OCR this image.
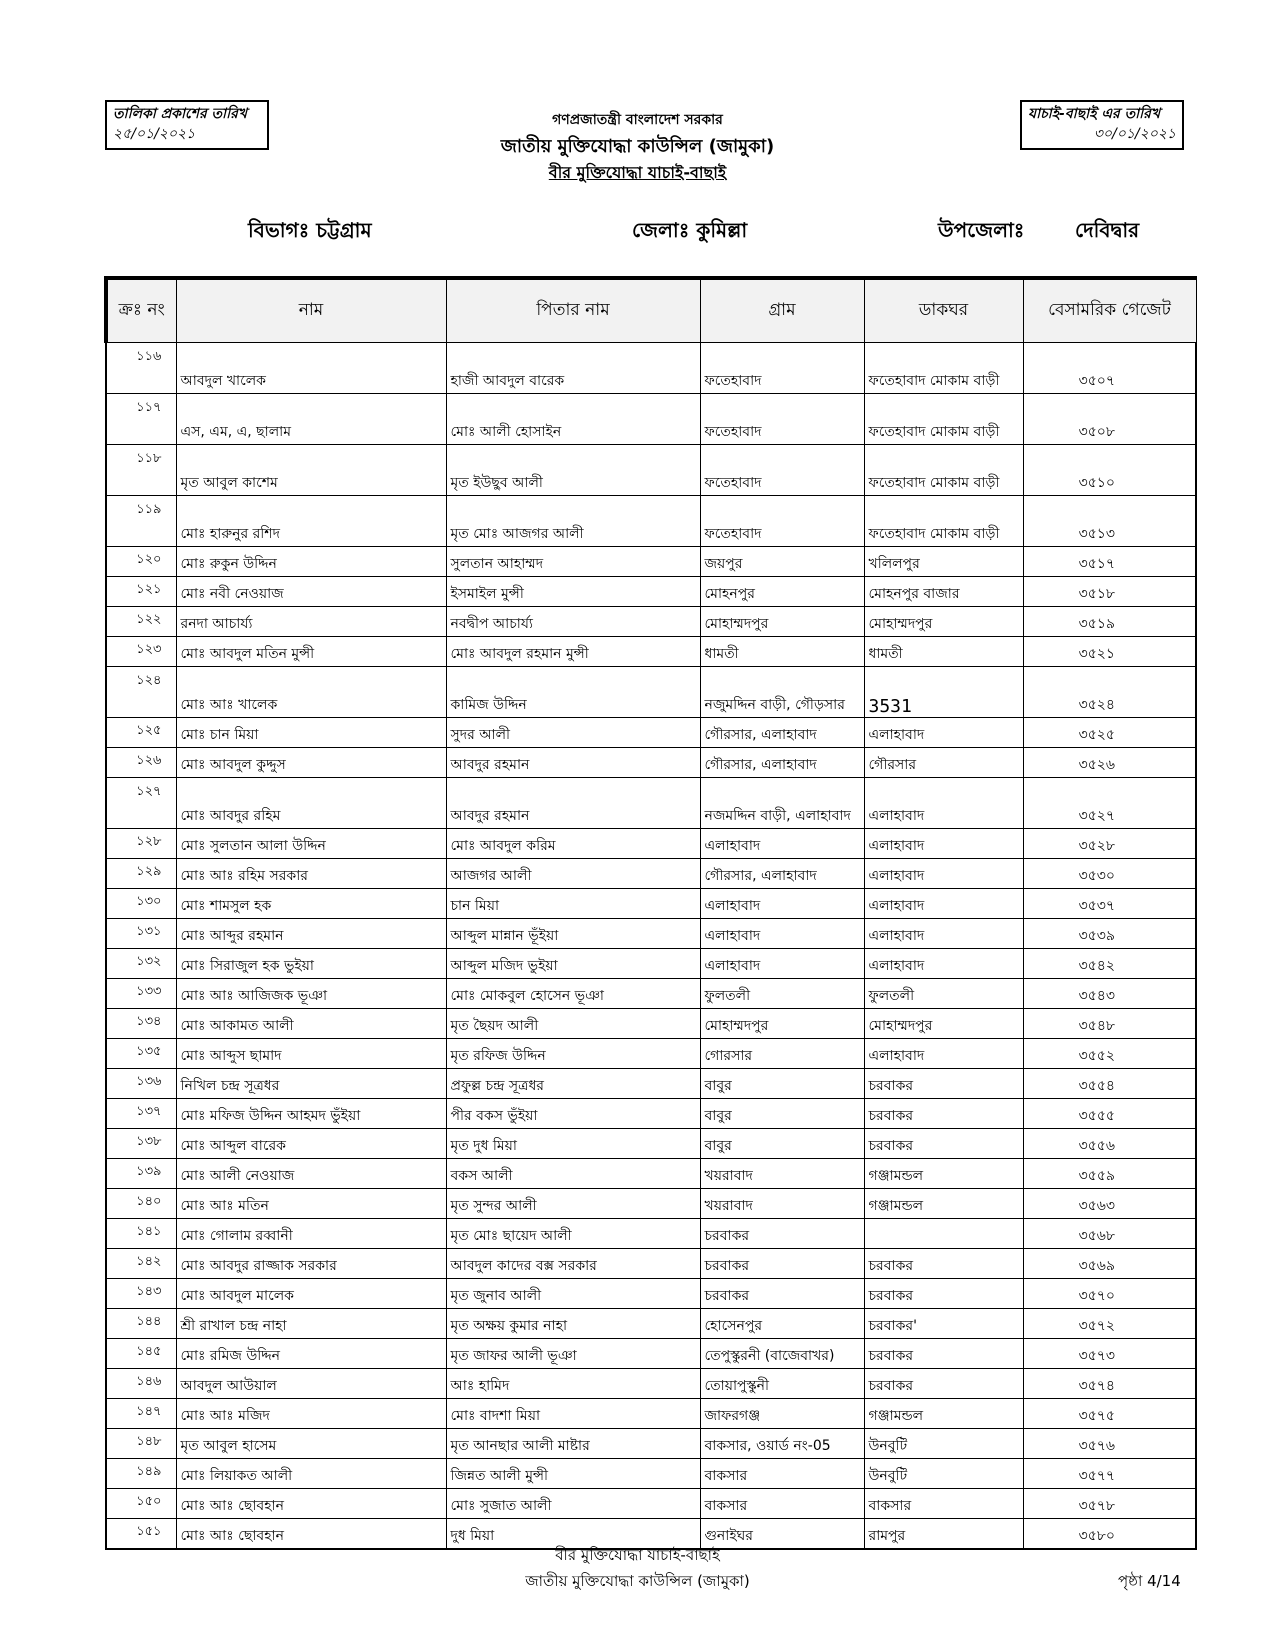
তালিকা প্রকাশের তারিখ
২৫/০১/২০২১
যাচাই-বাছাই এর তারিখ
৩০/০১/২০২১
গণপ্রজাতন্ত্রী বাংলাদেশ সরকার
জাতীয় মুক্তিযোদ্ধা কাউন্সিল (জামুকা)
বীর মুক্তিযোদ্ধা যাচাই-বাছাই
বিভাগঃ চট্টগ্রাম	জেলাঃ কুমিল্লা	উপজেলাঃ	দেবিদ্বার
ক্রঃ নং	নাম	পিতার নাম	গ্রাম	ডাকঘর	বেসামরিক গেজেট
১১৬	আবদুল খালেক	হাজী আবদুল বারেক	ফতেহাবাদ	ফতেহাবাদ মোকাম বাড়ী	৩৫০৭
১১৭	এস, এম, এ, ছালাম	মোঃ আলী হোসাইন	ফতেহাবাদ	ফতেহাবাদ মোকাম বাড়ী	৩৫০৮
১১৮	মৃত আবুল কাশেম	মৃত ইউছুব আলী	ফতেহাবাদ	ফতেহাবাদ মোকাম বাড়ী	৩৫১০
১১৯	মোঃ হারুনুর রশিদ	মৃত মোঃ আজগর আলী	ফতেহাবাদ	ফতেহাবাদ মোকাম বাড়ী	৩৫১৩
১২০	মোঃ রুকুন উদ্দিন	সুলতান আহাম্মদ	জয়পুর	খলিলপুর	৩৫১৭
১২১	মোঃ নবী নেওয়াজ	ইসমাইল মুন্সী	মোহনপুর	মোহনপুর বাজার	৩৫১৮
১২২	রনদা আচার্য্য	নবদ্বীপ আচার্য্য	মোহাম্মদপুর	মোহাম্মদপুর	৩৫১৯
১২৩	মোঃ আবদুল মতিন মুন্সী	মোঃ আবদুল রহমান মুন্সী	ধামতী	ধামতী	৩৫২১
১২৪	মোঃ আঃ খালেক	কামিজ উদ্দিন	নজুমদ্দিন বাড়ী, গৌড়সার	3531	৩৫২৪
১২৫	মোঃ চান মিয়া	সুদর আলী	গৌরসার, এলাহাবাদ	এলাহাবাদ	৩৫২৫
১২৬	মোঃ আবদুল কুদ্দুস	আবদুর রহমান	গৌরসার, এলাহাবাদ	গৌরসার	৩৫২৬
১২৭	মোঃ আবদুর রহিম	আবদুর রহমান	নজমদ্দিন বাড়ী, এলাহাবাদ	এলাহাবাদ	৩৫২৭
১২৮	মোঃ সুলতান আলা উদ্দিন	মোঃ আবদুল করিম	এলাহাবাদ	এলাহাবাদ	৩৫২৮
১২৯	মোঃ আঃ রহিম সরকার	আজগর আলী	গৌরসার, এলাহাবাদ	এলাহাবাদ	৩৫৩০
১৩০	মোঃ শামসুল হক	চান মিয়া	এলাহাবাদ	এলাহাবাদ	৩৫৩৭
১৩১	মোঃ আব্দুর রহমান	আব্দুল মান্নান ভূঁইয়া	এলাহাবাদ	এলাহাবাদ	৩৫৩৯
১৩২	মোঃ সিরাজুল হক ভুইয়া	আব্দুল মজিদ ভুইয়া	এলাহাবাদ	এলাহাবাদ	৩৫৪২
১৩৩	মোঃ আঃ আজিজক ভূঞা	মোঃ মোকবুল হোসেন ভূঞা	ফুলতলী	ফুলতলী	৩৫৪৩
১৩৪	মোঃ আকামত আলী	মৃত ছৈয়দ আলী	মোহাম্মদপুর	মোহাম্মদপুর	৩৫৪৮
১৩৫	মোঃ আব্দুস ছামাদ	মৃত রফিজ উদ্দিন	গোরসার	এলাহাবাদ	৩৫৫২
১৩৬	নিখিল চন্দ্র সূত্রধর	প্রফুল্ল চন্দ্র সূত্রধর	বাবুর	চরবাকর	৩৫৫৪
১৩৭	মোঃ মফিজ উদ্দিন আহমদ ভুঁইয়া	পীর বকস ভুঁইয়া	বাবুর	চরবাকর	৩৫৫৫
১৩৮	মোঃ আব্দুল বারেক	মৃত দুধ মিয়া	বাবুর	চরবাকর	৩৫৫৬
১৩৯	মোঃ আলী নেওয়াজ	বকস আলী	খয়রাবাদ	গঞ্জামন্ডল	৩৫৫৯
১৪০	মোঃ আঃ মতিন	মৃত সুন্দর আলী	খয়রাবাদ	গঞ্জামন্ডল	৩৫৬৩
১৪১	মোঃ গোলাম রব্বানী	মৃত মোঃ ছায়েদ আলী	চরবাকর		৩৫৬৮
১৪২	মোঃ আবদুর রাজ্জাক সরকার	আবদুল কাদের বক্স সরকার	চরবাকর	চরবাকর	৩৫৬৯
১৪৩	মোঃ আবদুল মালেক	মৃত জুনাব আলী	চরবাকর	চরবাকর	৩৫৭০
১৪৪	শ্রী রাখাল চন্দ্র নাহা	মৃত অক্ষয় কুমার নাহা	হোসেনপুর	চরবাকর'	৩৫৭২
১৪৫	মোঃ রমিজ উদ্দিন	মৃত জাফর আলী ভূঞা	তেপুস্কুরনী (বাজেবাখর)	চরবাকর	৩৫৭৩
১৪৬	আবদুল আউয়াল	আঃ হামিদ	তোয়াপুস্কুনী	চরবাকর	৩৫৭৪
১৪৭	মোঃ আঃ মজিদ	মোঃ বাদশা মিয়া	জাফরগঞ্জ	গঞ্জামন্ডল	৩৫৭৫
১৪৮	মৃত আবুল হাসেম	মৃত আনছার আলী মাষ্টার	বাকসার, ওয়ার্ড নং-05	উনবুটি	৩৫৭৬
১৪৯	মোঃ লিয়াকত আলী	জিন্নত আলী মুন্সী	বাকসার	উনবুটি	৩৫৭৭
১৫০	মোঃ আঃ ছোবহান	মোঃ সুজাত আলী	বাকসার	বাকসার	৩৫৭৮
১৫১	মোঃ আঃ ছোবহান	দুধ মিয়া	গুনাইঘর	রামপুর	৩৫৮০
বীর মুক্তিযোদ্ধা যাচাই-বাছাই
জাতীয় মুক্তিযোদ্ধা কাউন্সিল (জামুকা)	পৃষ্ঠা 4/14
